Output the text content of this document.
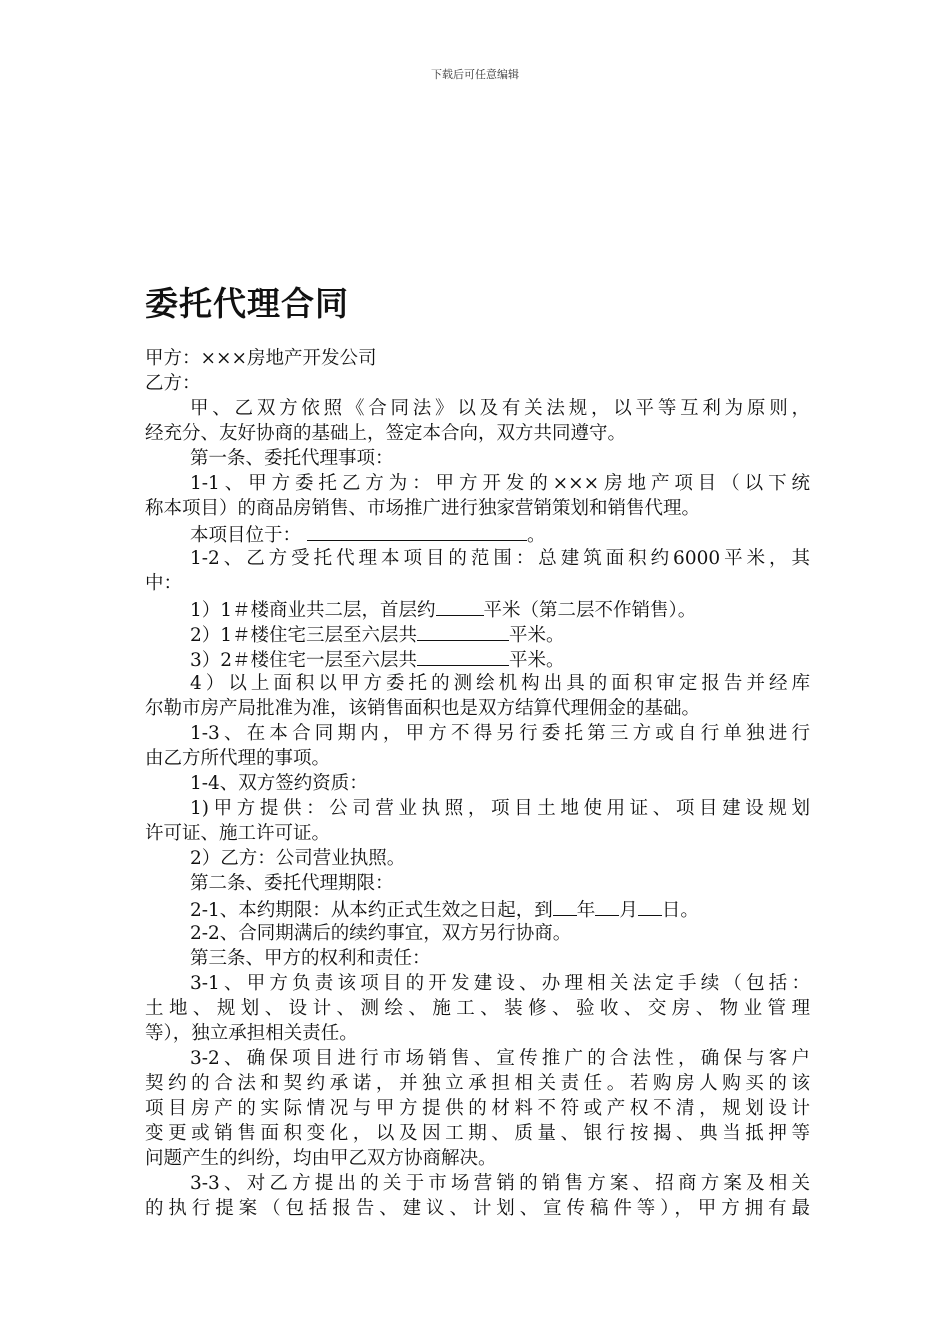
下载后可任意编辑
委托代理合同
甲方：×××房地产开发公司
乙方：
甲、乙双方依照《合同法》以及有关法规，以平等互利为原则，
经充分、友好协商的基础上，签定本合向，双方共同遵守。
第一条、委托代理事项：
1-1、甲方委托乙方为：甲方开发的×××房地产项目（以下统
称本项目）的商品房销售、市场推广进行独家营销策划和销售代理。
本项目位于：	。
1-2、乙方受托代理本项目的范围：总建筑面积约6000平米，其
中：
1）1＃楼商业共二层，首层约	平米（第二层不作销售）。
2）1＃楼住宅三层至六层共	平米。
3）2＃楼住宅一层至六层共	平米。
4）以上面积以甲方委托的测绘机构出具的面积审定报告并经库
尔勒市房产局批准为准，该销售面积也是双方结算代理佣金的基础。
1-3、在本合同期内，甲方不得另行委托第三方或自行单独进行
由乙方所代理的事项。
1-4、双方签约资质：
1)甲方提供：公司营业执照，项目土地使用证、项目建设规划
许可证、施工许可证。
2）乙方：公司营业执照。
第二条、委托代理期限：
2-1、本约期限：从本约正式生效之日起，到 年 月 日。
2-2、合同期满后的续约事宜，双方另行协商。
第三条、甲方的权利和责任：
3-1、甲方负责该项目的开发建设、办理相关法定手续（包括：
土地、规划、设计、测绘、施工、装修、验收、交房、物业管理
等），独立承担相关责任。
3-2、确保项目进行市场销售、宣传推广的合法性，确保与客户
契约的合法和契约承诺，并独立承担相关责任。若购房人购买的该
项目房产的实际情况与甲方提供的材料不符或产权不清，规划设计
变更或销售面积变化，以及因工期、质量、银行按揭、典当抵押等
问题产生的纠纷，均由甲乙双方协商解决。
3-3、对乙方提出的关于市场营销的销售方案、招商方案及相关
的执行提案（包括报告、建议、计划、宣传稿件等），甲方拥有最
